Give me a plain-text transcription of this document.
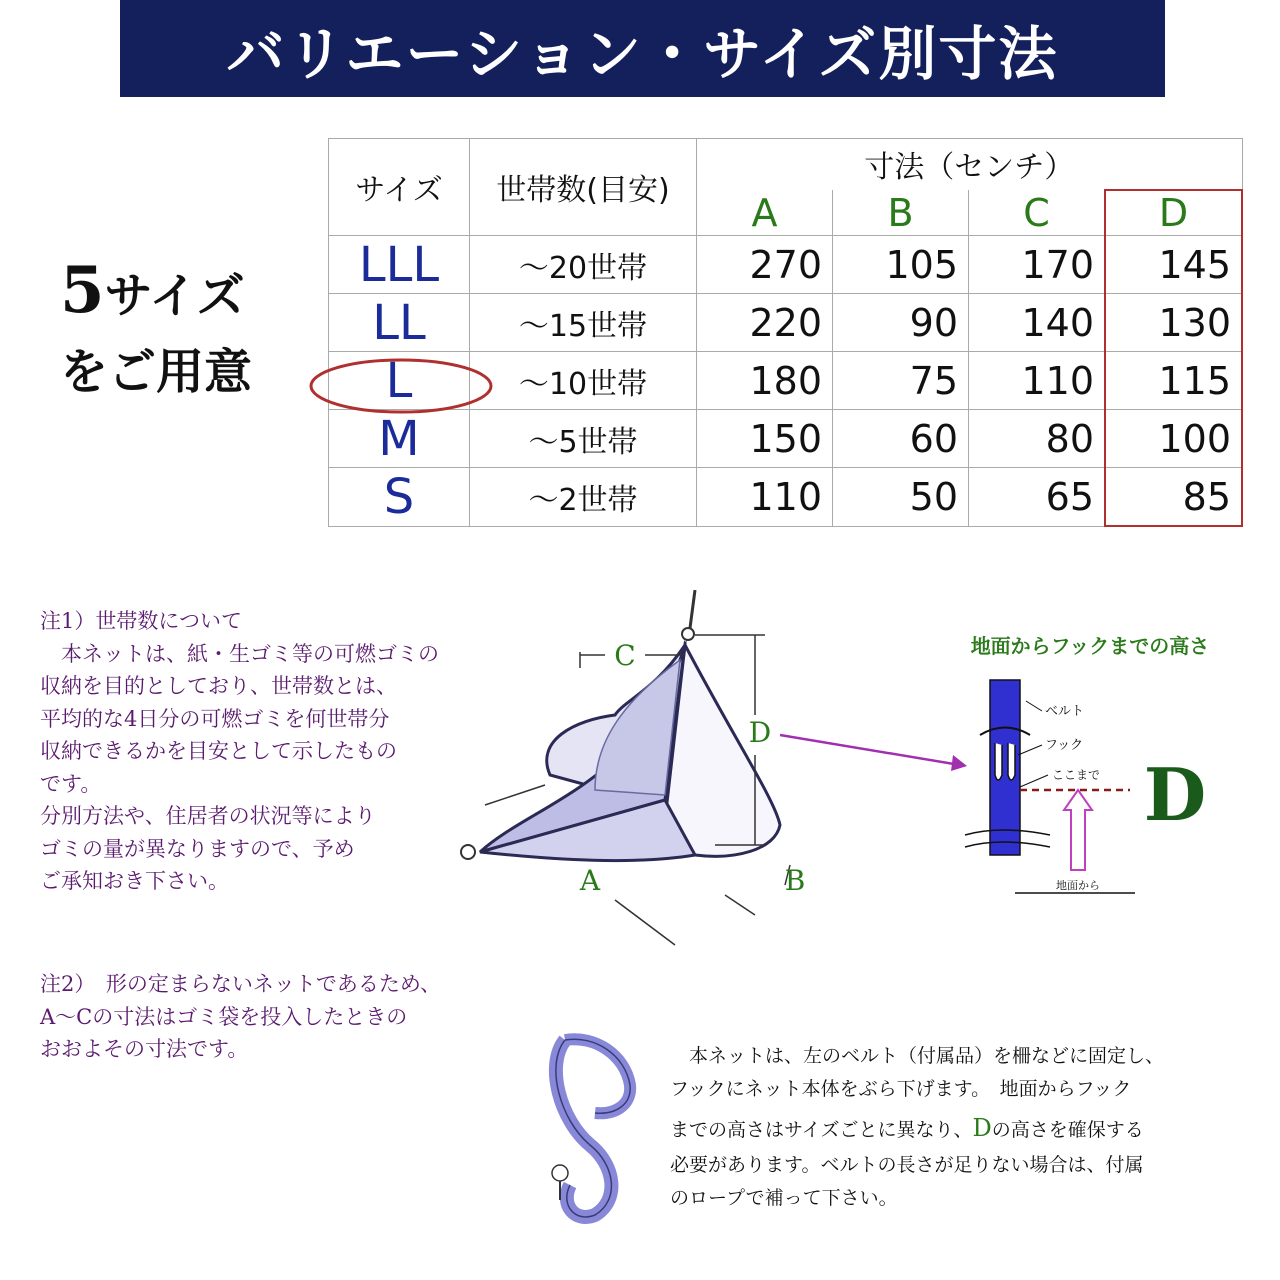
バリエーション・サイズ別寸法
5サイズ
をご用意
サイズ	世帯数(目安)	寸法（センチ）			
		A	B	C	D
LLL	～20世帯	270	105	170	145
LL	～15世帯	220	90	140	130
L	～10世帯	180	75	110	115
M	～5世帯	150	60	80	100
S	～2世帯	110	50	65	85
注1）世帯数について
　本ネットは、紙・生ゴミ等の可燃ゴミの
収納を目的としており、世帯数とは、
平均的な4日分の可燃ゴミを何世帯分
収納できるかを目安として示したもの
です。
分別方法や、住居者の状況等により
ゴミの量が異なりますので、予め
ご承知おき下さい。
注2）　形の定まらないネットであるため、
A～Cの寸法はゴミ袋を投入したときの
おおよその寸法です。
C
D
A	B
地面からフックまでの高さ
ベルト
フック
ここまで D
地面から
　本ネットは、左のベルト（付属品）を柵などに固定し、
フックにネット本体をぶら下げます。　地面からフック
までの高さはサイズごとに異なり、Dの高さを確保する
必要があります。ベルトの長さが足りない場合は、付属
のロープで補って下さい。
